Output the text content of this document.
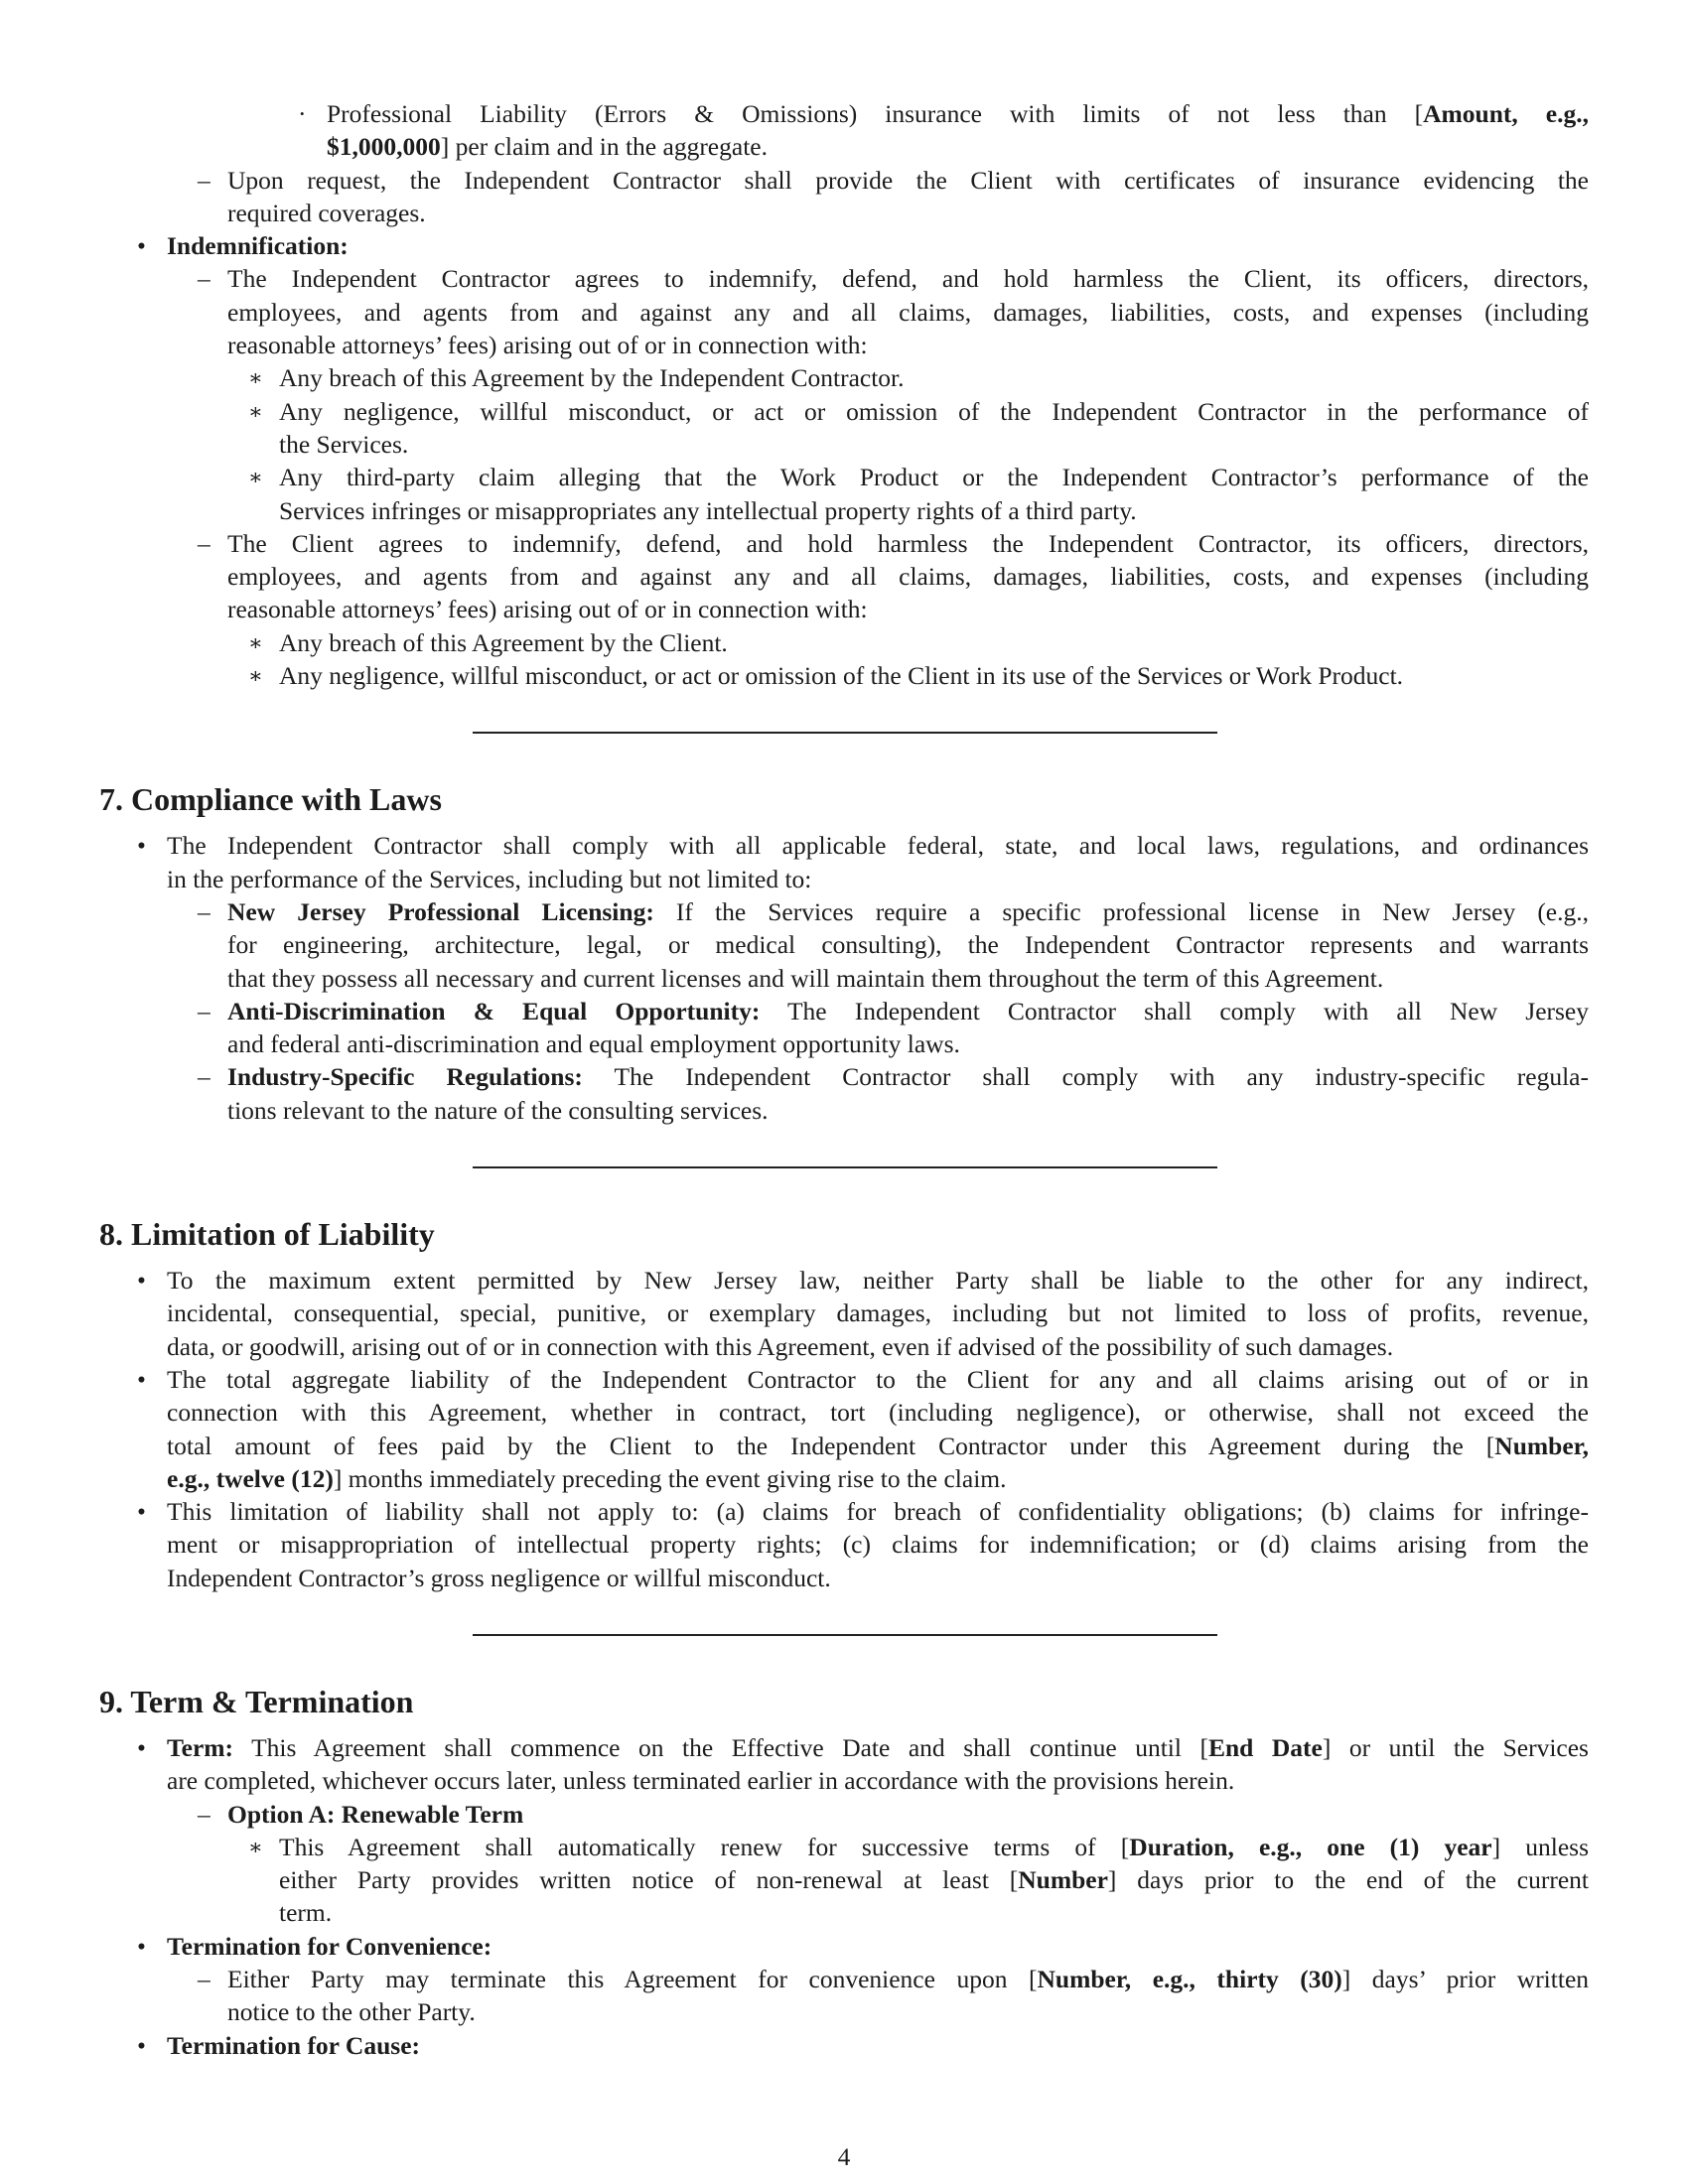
· Professional Liability (Errors & Omissions) insurance with limits of not less than [Amount, e.g.,
$1,000,000] per claim and in the aggregate.
– Upon request, the Independent Contractor shall provide the Client with certificates of insurance evidencing the
required coverages.
• Indemnification:
– The Independent Contractor agrees to indemnify, defend, and hold harmless the Client, its officers, directors,
employees, and agents from and against any and all claims, damages, liabilities, costs, and expenses (including
reasonable attorneys’ fees) arising out of or in connection with:
∗ Any breach of this Agreement by the Independent Contractor.
∗ Any negligence, willful misconduct, or act or omission of the Independent Contractor in the performance of
the Services.
∗ Any third-party claim alleging that the Work Product or the Independent Contractor’s performance of the
Services infringes or misappropriates any intellectual property rights of a third party.
– The Client agrees to indemnify, defend, and hold harmless the Independent Contractor, its officers, directors,
employees, and agents from and against any and all claims, damages, liabilities, costs, and expenses (including
reasonable attorneys’ fees) arising out of or in connection with:
∗ Any breach of this Agreement by the Client.
∗ Any negligence, willful misconduct, or act or omission of the Client in its use of the Services or Work Product.
7. Compliance with Laws
• The Independent Contractor shall comply with all applicable federal, state, and local laws, regulations, and ordinances
in the performance of the Services, including but not limited to:
– New Jersey Professional Licensing: If the Services require a specific professional license in New Jersey (e.g.,
for engineering, architecture, legal, or medical consulting), the Independent Contractor represents and warrants
that they possess all necessary and current licenses and will maintain them throughout the term of this Agreement.
– Anti-Discrimination & Equal Opportunity: The Independent Contractor shall comply with all New Jersey
and federal anti-discrimination and equal employment opportunity laws.
– Industry-Specific Regulations: The Independent Contractor shall comply with any industry-specific regula-
tions relevant to the nature of the consulting services.
8. Limitation of Liability
• To the maximum extent permitted by New Jersey law, neither Party shall be liable to the other for any indirect,
incidental, consequential, special, punitive, or exemplary damages, including but not limited to loss of profits, revenue,
data, or goodwill, arising out of or in connection with this Agreement, even if advised of the possibility of such damages.
• The total aggregate liability of the Independent Contractor to the Client for any and all claims arising out of or in
connection with this Agreement, whether in contract, tort (including negligence), or otherwise, shall not exceed the
total amount of fees paid by the Client to the Independent Contractor under this Agreement during the [Number,
e.g., twelve (12)] months immediately preceding the event giving rise to the claim.
• This limitation of liability shall not apply to: (a) claims for breach of confidentiality obligations; (b) claims for infringe-
ment or misappropriation of intellectual property rights; (c) claims for indemnification; or (d) claims arising from the
Independent Contractor’s gross negligence or willful misconduct.
9. Term & Termination
• Term: This Agreement shall commence on the Effective Date and shall continue until [End Date] or until the Services
are completed, whichever occurs later, unless terminated earlier in accordance with the provisions herein.
– Option A: Renewable Term
∗ This Agreement shall automatically renew for successive terms of [Duration, e.g., one (1) year] unless
either Party provides written notice of non-renewal at least [Number] days prior to the end of the current
term.
• Termination for Convenience:
– Either Party may terminate this Agreement for convenience upon [Number, e.g., thirty (30)] days’ prior written
notice to the other Party.
• Termination for Cause:
4
